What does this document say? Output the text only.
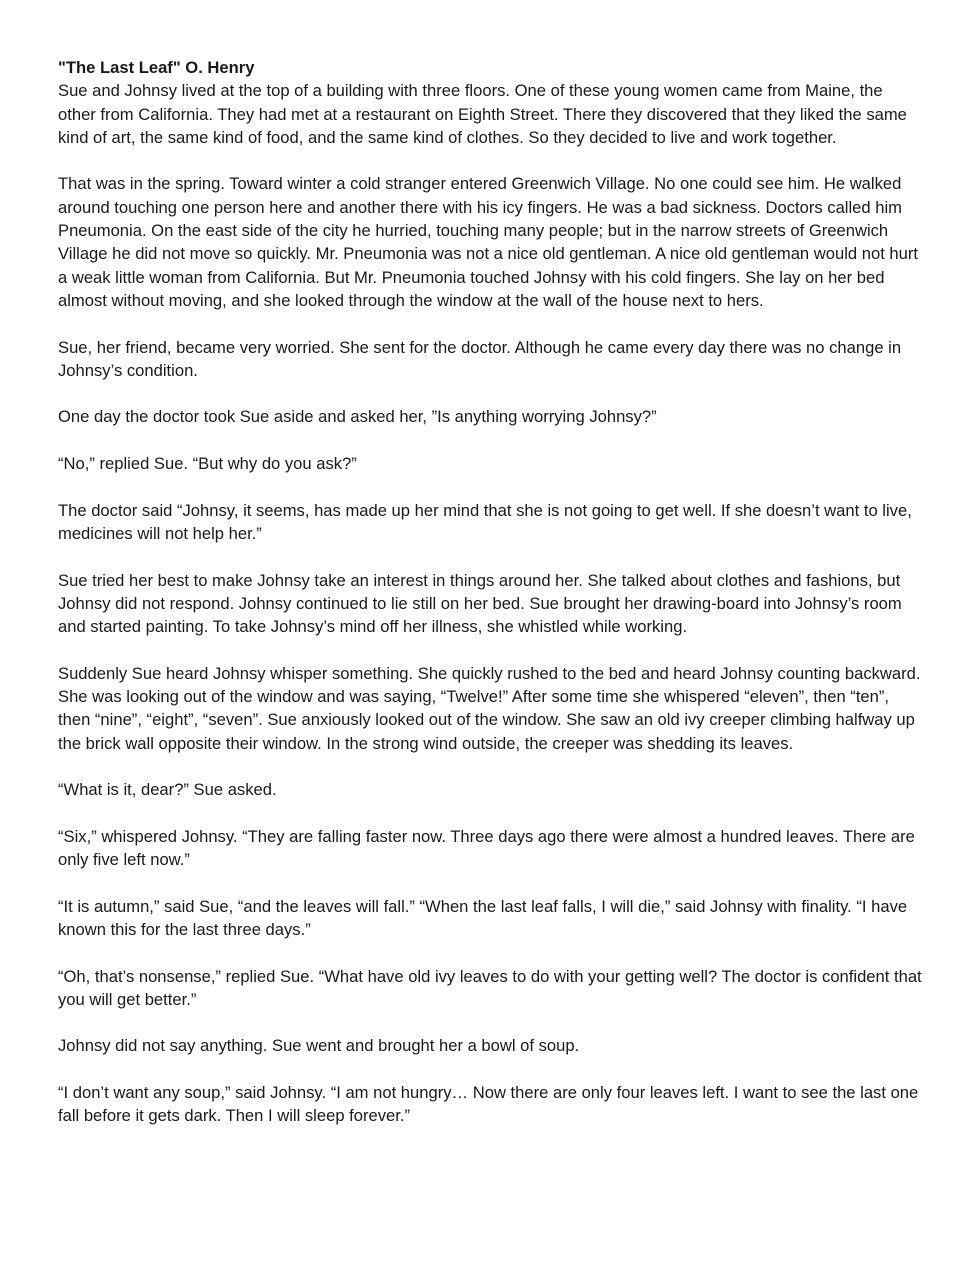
"The Last Leaf" O. Henry

Sue and Johnsy lived at the top of a building with three floors. One of these young women came from Maine, the other from California. They had met at a restaurant on Eighth Street. There they discovered that they liked the same kind of art, the same kind of food, and the same kind of clothes. So they decided to live and work together.

That was in the spring. Toward winter a cold stranger entered Greenwich Village. No one could see him. He walked around touching one person here and another there with his icy fingers. He was a bad sickness. Doctors called him Pneumonia. On the east side of the city he hurried, touching many people; but in the narrow streets of Greenwich Village he did not move so quickly. Mr. Pneumonia was not a nice old gentleman. A nice old gentleman would not hurt a weak little woman from California. But Mr. Pneumonia touched Johnsy with his cold fingers. She lay on her bed almost without moving, and she looked through the window at the wall of the house next to hers.

Sue, her friend, became very worried. She sent for the doctor. Although he came every day there was no change in Johnsy’s condition.

One day the doctor took Sue aside and asked her, ”Is anything worrying Johnsy?”

“No,” replied Sue. “But why do you ask?”

The doctor said “Johnsy, it seems, has made up her mind that she is not going to get well. If she doesn’t want to live, medicines will not help her.”

Sue tried her best to make Johnsy take an interest in things around her. She talked about clothes and fashions, but Johnsy did not respond. Johnsy continued to lie still on her bed. Sue brought her drawing-board into Johnsy’s room and started painting. To take Johnsy’s mind off her illness, she whistled while working.

Suddenly Sue heard Johnsy whisper something. She quickly rushed to the bed and heard Johnsy counting backward. She was looking out of the window and was saying, “Twelve!” After some time she whispered “eleven”, then “ten”, then “nine”, “eight”, “seven”. Sue anxiously looked out of the window. She saw an old ivy creeper climbing halfway up the brick wall opposite their window. In the strong wind outside, the creeper was shedding its leaves.

“What is it, dear?” Sue asked.

“Six,” whispered Johnsy. “They are falling faster now. Three days ago there were almost a hundred leaves. There are only five left now.”

“It is autumn,” said Sue, “and the leaves will fall.” “When the last leaf falls, I will die,” said Johnsy with finality. “I have known this for the last three days.”

“Oh, that’s nonsense,” replied Sue. “What have old ivy leaves to do with your getting well? The doctor is confident that you will get better.”

Johnsy did not say anything. Sue went and brought her a bowl of soup.

“I don’t want any soup,” said Johnsy. “I am not hungry… Now there are only four leaves left. I want to see the last one fall before it gets dark. Then I will sleep forever.”
